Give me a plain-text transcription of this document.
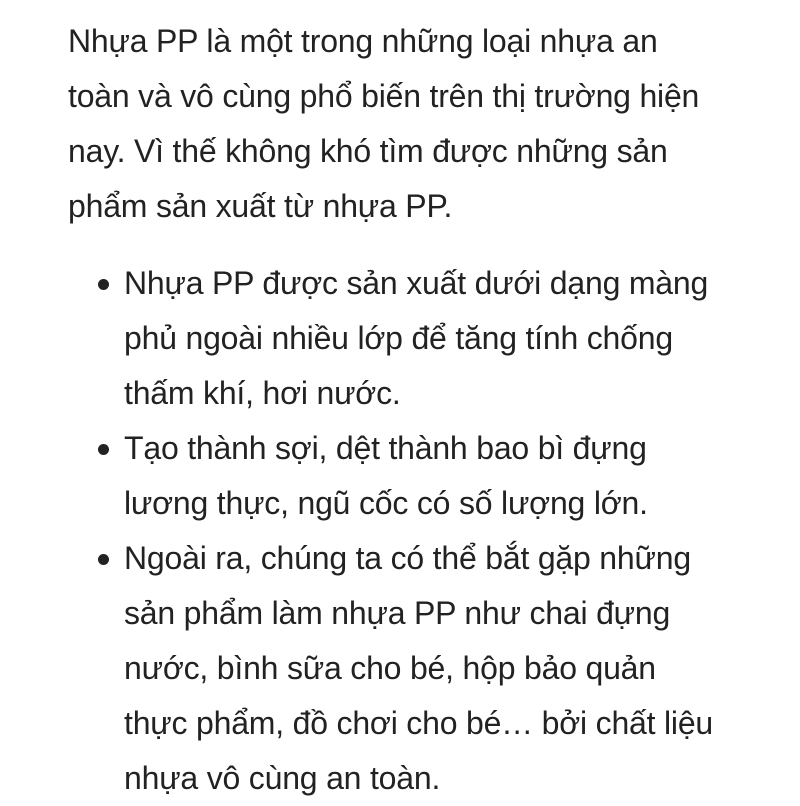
Nhựa PP là một trong những loại nhựa an
toàn và vô cùng phổ biến trên thị trường hiện
nay. Vì thế không khó tìm được những sản
phẩm sản xuất từ nhựa PP.

Nhựa PP được sản xuất dưới dạng màng
phủ ngoài nhiều lớp để tăng tính chống
thấm khí, hơi nước.
Tạo thành sợi, dệt thành bao bì đựng
lương thực, ngũ cốc có số lượng lớn.
Ngoài ra, chúng ta có thể bắt gặp những
sản phẩm làm nhựa PP như chai đựng
nước, bình sữa cho bé, hộp bảo quản
thực phẩm, đồ chơi cho bé… bởi chất liệu
nhựa vô cùng an toàn.
